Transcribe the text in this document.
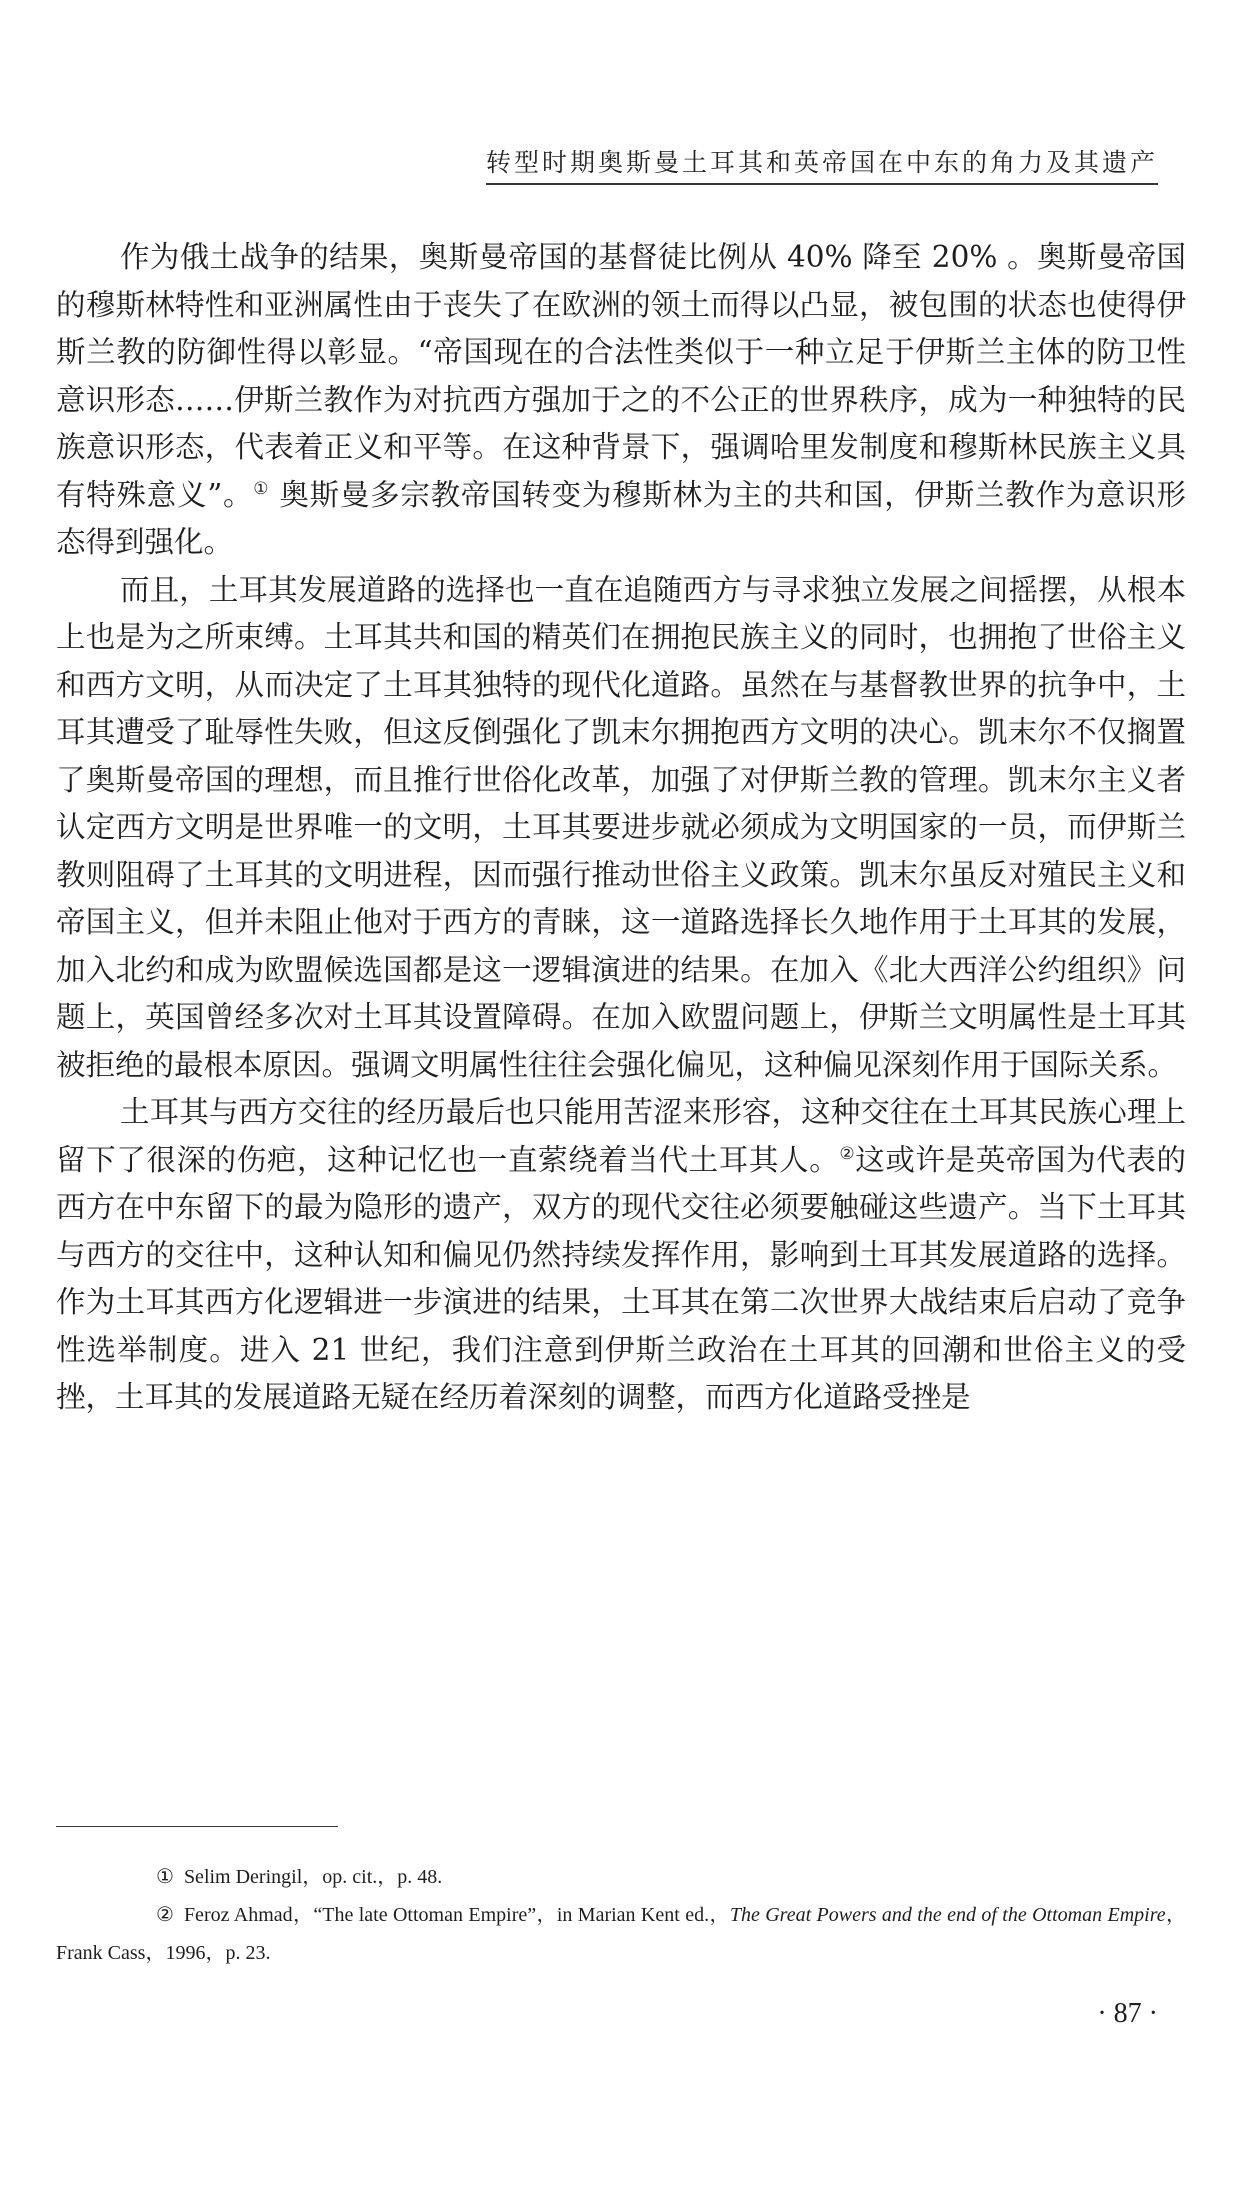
转型时期奥斯曼土耳其和英帝国在中东的角力及其遗产

作为俄土战争的结果，奥斯曼帝国的基督徒比例从 40% 降至 20% 。奥斯曼帝国的穆斯林特性和亚洲属性由于丧失了在欧洲的领土而得以凸显，被包围的状态也使得伊斯兰教的防御性得以彰显。“帝国现在的合法性类似于一种立足于伊斯兰主体的防卫性意识形态……伊斯兰教作为对抗西方强加于之的不公正的世界秩序，成为一种独特的民族意识形态，代表着正义和平等。在这种背景下，强调哈里发制度和穆斯林民族主义具有特殊意义”。① 奥斯曼多宗教帝国转变为穆斯林为主的共和国，伊斯兰教作为意识形态得到强化。

而且，土耳其发展道路的选择也一直在追随西方与寻求独立发展之间摇摆，从根本上也是为之所束缚。土耳其共和国的精英们在拥抱民族主义的同时，也拥抱了世俗主义和西方文明，从而决定了土耳其独特的现代化道路。虽然在与基督教世界的抗争中，土耳其遭受了耻辱性失败，但这反倒强化了凯末尔拥抱西方文明的决心。凯末尔不仅搁置了奥斯曼帝国的理想，而且推行世俗化改革，加强了对伊斯兰教的管理。凯末尔主义者认定西方文明是世界唯一的文明，土耳其要进步就必须成为文明国家的一员，而伊斯兰教则阻碍了土耳其的文明进程，因而强行推动世俗主义政策。凯末尔虽反对殖民主义和帝国主义，但并未阻止他对于西方的青睐，这一道路选择长久地作用于土耳其的发展，加入北约和成为欧盟候选国都是这一逻辑演进的结果。在加入《北大西洋公约组织》问题上，英国曾经多次对土耳其设置障碍。在加入欧盟问题上，伊斯兰文明属性是土耳其被拒绝的最根本原因。强调文明属性往往会强化偏见，这种偏见深刻作用于国际关系。

土耳其与西方交往的经历最后也只能用苦涩来形容，这种交往在土耳其民族心理上留下了很深的伤疤，这种记忆也一直萦绕着当代土耳其人。②这或许是英帝国为代表的西方在中东留下的最为隐形的遗产，双方的现代交往必须要触碰这些遗产。当下土耳其与西方的交往中，这种认知和偏见仍然持续发挥作用，影响到土耳其发展道路的选择。作为土耳其西方化逻辑进一步演进的结果，土耳其在第二次世界大战结束后启动了竞争性选举制度。进入 21 世纪，我们注意到伊斯兰政治在土耳其的回潮和世俗主义的受挫，土耳其的发展道路无疑在经历着深刻的调整，而西方化道路受挫是

① Selim Deringil，op. cit.，p. 48.

② Feroz Ahmad，“The late Ottoman Empire”，in Marian Kent ed.，The Great Powers and the end of the Ottoman Empire，Frank Cass，1996，p. 23.

· 87 ·
